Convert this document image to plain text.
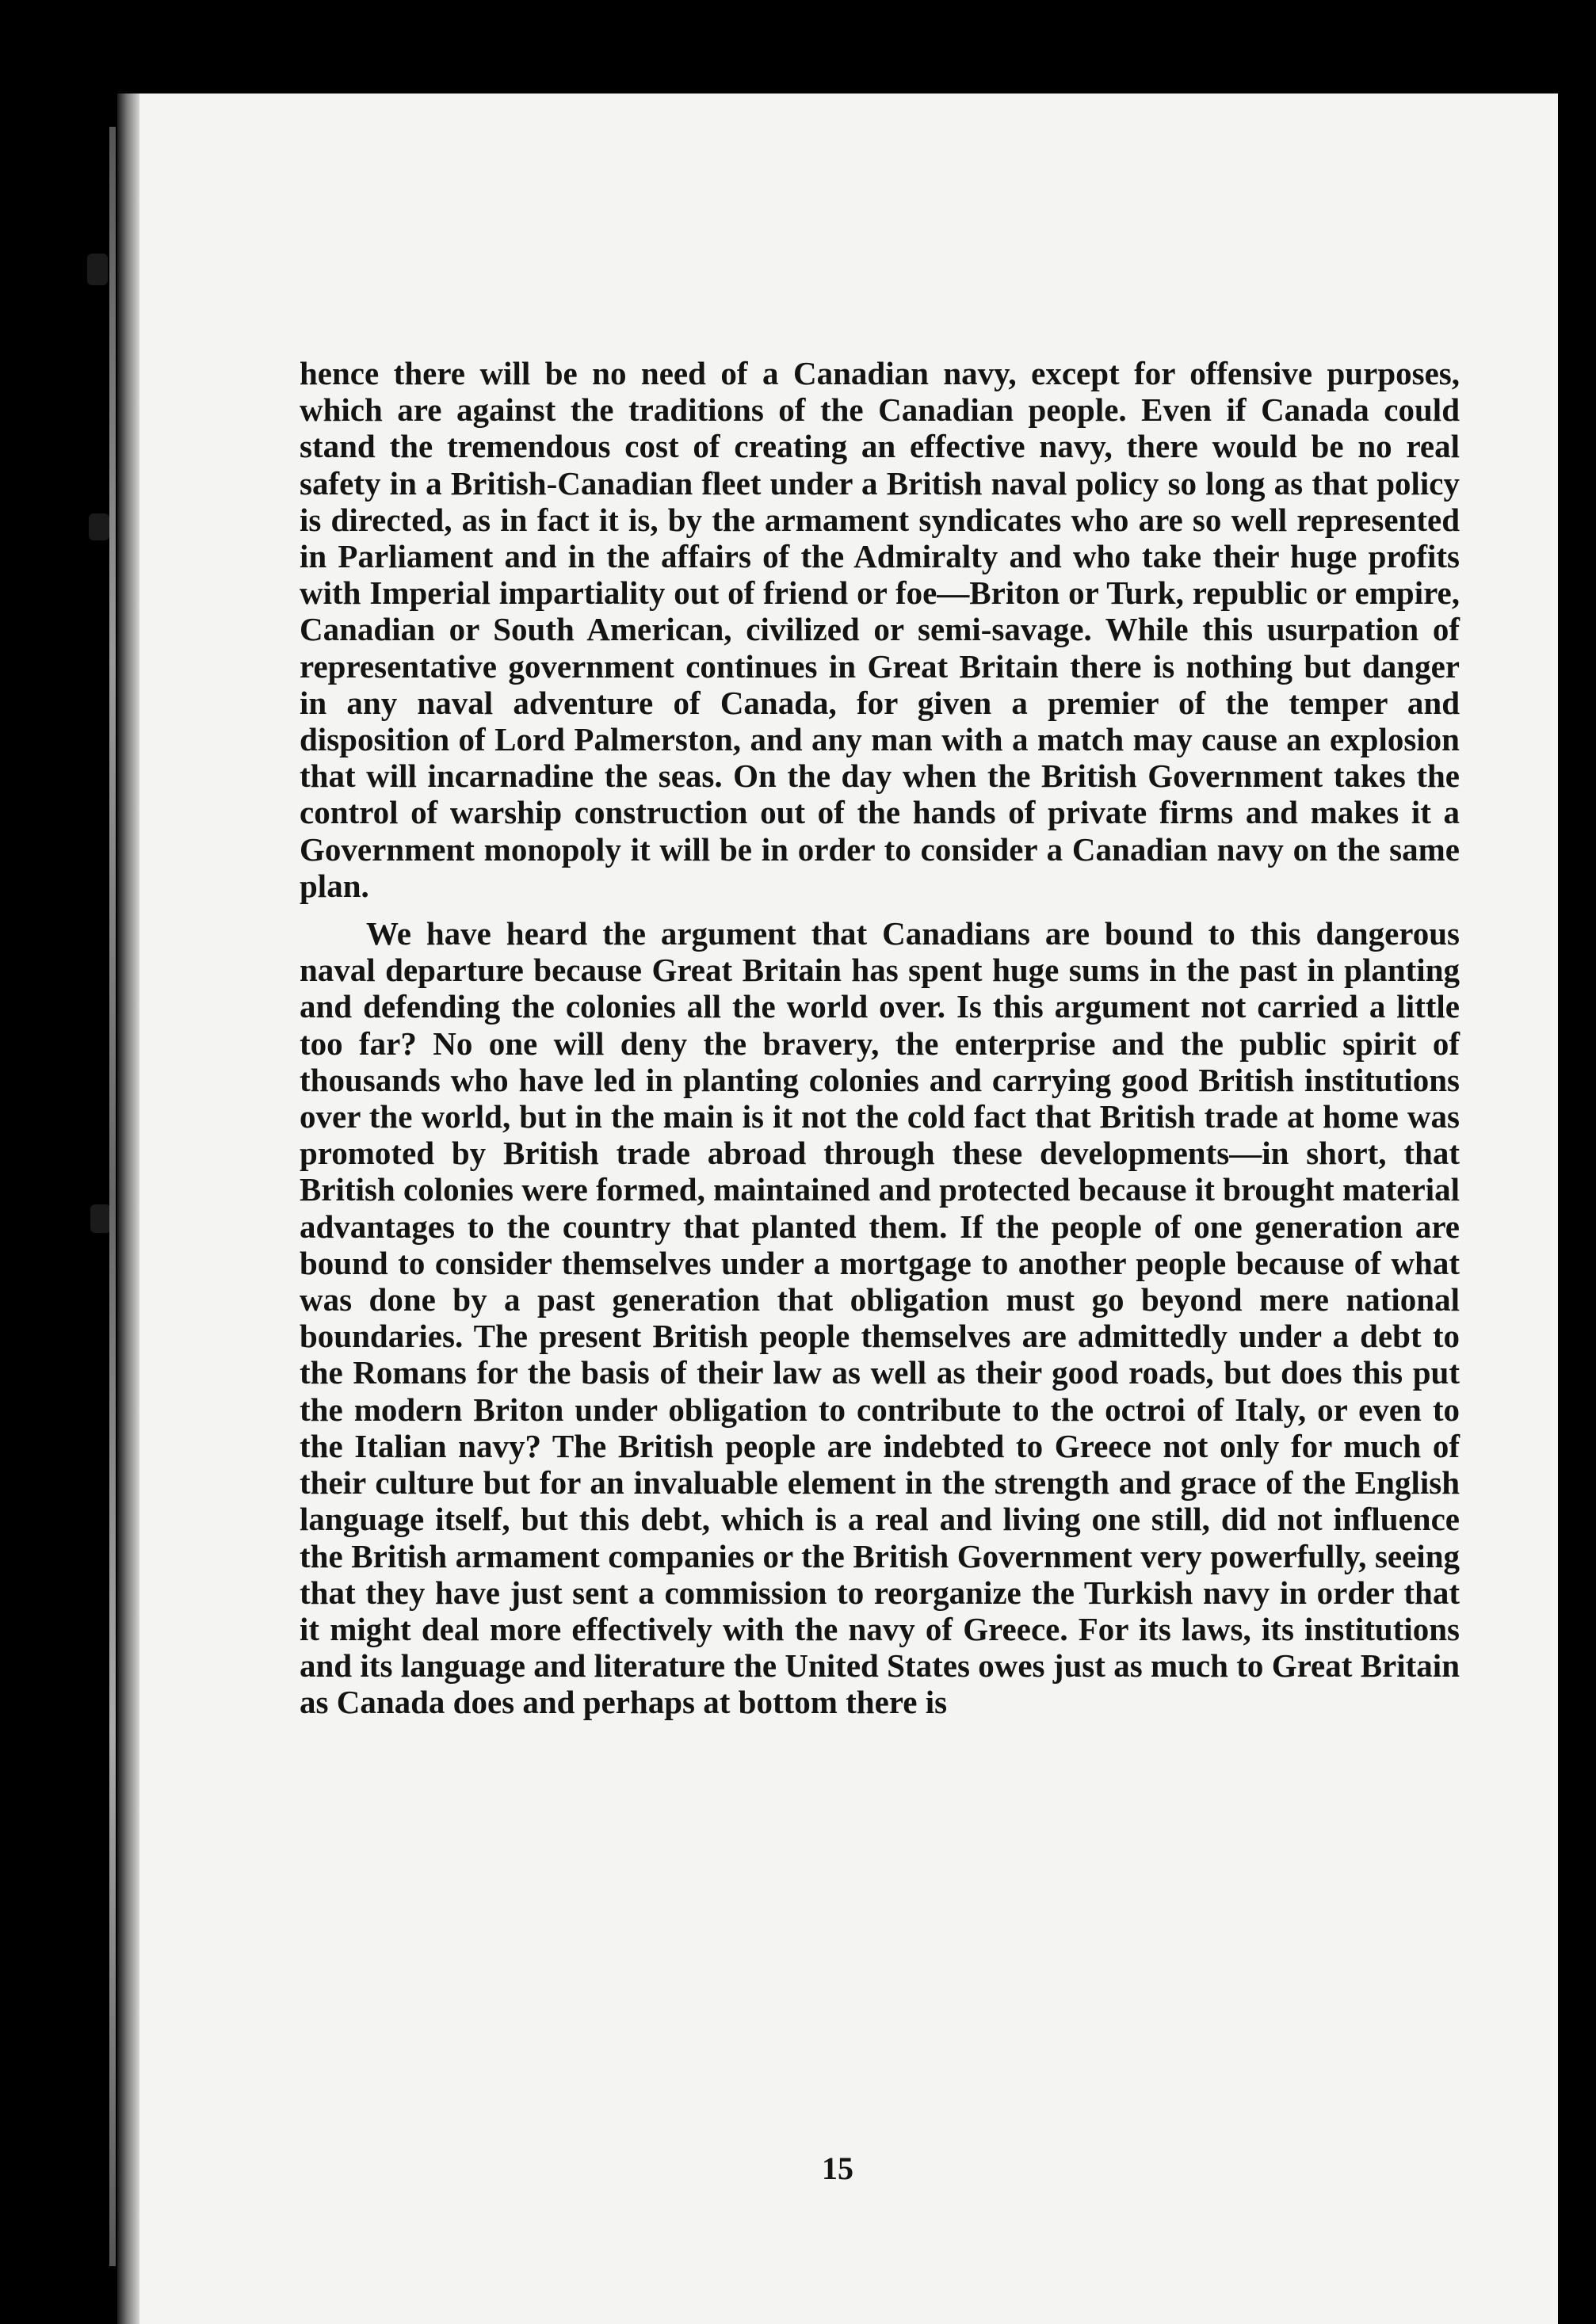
hence there will be no need of a Canadian navy, except for offensive purposes, which are against the traditions of the Canadian people. Even if Canada could stand the tremendous cost of creating an effective navy, there would be no real safety in a British-Canadian fleet under a British naval policy so long as that policy is directed, as in fact it is, by the armament syndicates who are so well represented in Parliament and in the affairs of the Admiralty and who take their huge profits with Imperial impartiality out of friend or foe—Briton or Turk, republic or empire, Canadian or South American, civilized or semi-savage. While this usurpation of representative government continues in Great Britain there is nothing but danger in any naval adventure of Canada, for given a premier of the temper and disposition of Lord Palmerston, and any man with a match may cause an explosion that will incarnadine the seas. On the day when the British Government takes the control of warship construction out of the hands of private firms and makes it a Government monopoly it will be in order to consider a Canadian navy on the same plan.

We have heard the argument that Canadians are bound to this dangerous naval departure because Great Britain has spent huge sums in the past in planting and defending the colonies all the world over. Is this argument not carried a little too far? No one will deny the bravery, the enterprise and the public spirit of thousands who have led in planting colonies and carrying good British institutions over the world, but in the main is it not the cold fact that British trade at home was promoted by British trade abroad through these developments—in short, that British colonies were formed, maintained and protected because it brought material advantages to the country that planted them. If the people of one generation are bound to consider themselves under a mortgage to another people because of what was done by a past generation that obligation must go beyond mere national boundaries. The present British people themselves are admittedly under a debt to the Romans for the basis of their law as well as their good roads, but does this put the modern Briton under obligation to contribute to the octroi of Italy, or even to the Italian navy? The British people are indebted to Greece not only for much of their culture but for an invaluable element in the strength and grace of the English language itself, but this debt, which is a real and living one still, did not influence the British armament companies or the British Government very powerfully, seeing that they have just sent a commission to reorganize the Turkish navy in order that it might deal more effectively with the navy of Greece. For its laws, its institutions and its language and literature the United States owes just as much to Great Britain as Canada does and perhaps at bottom there is

15
